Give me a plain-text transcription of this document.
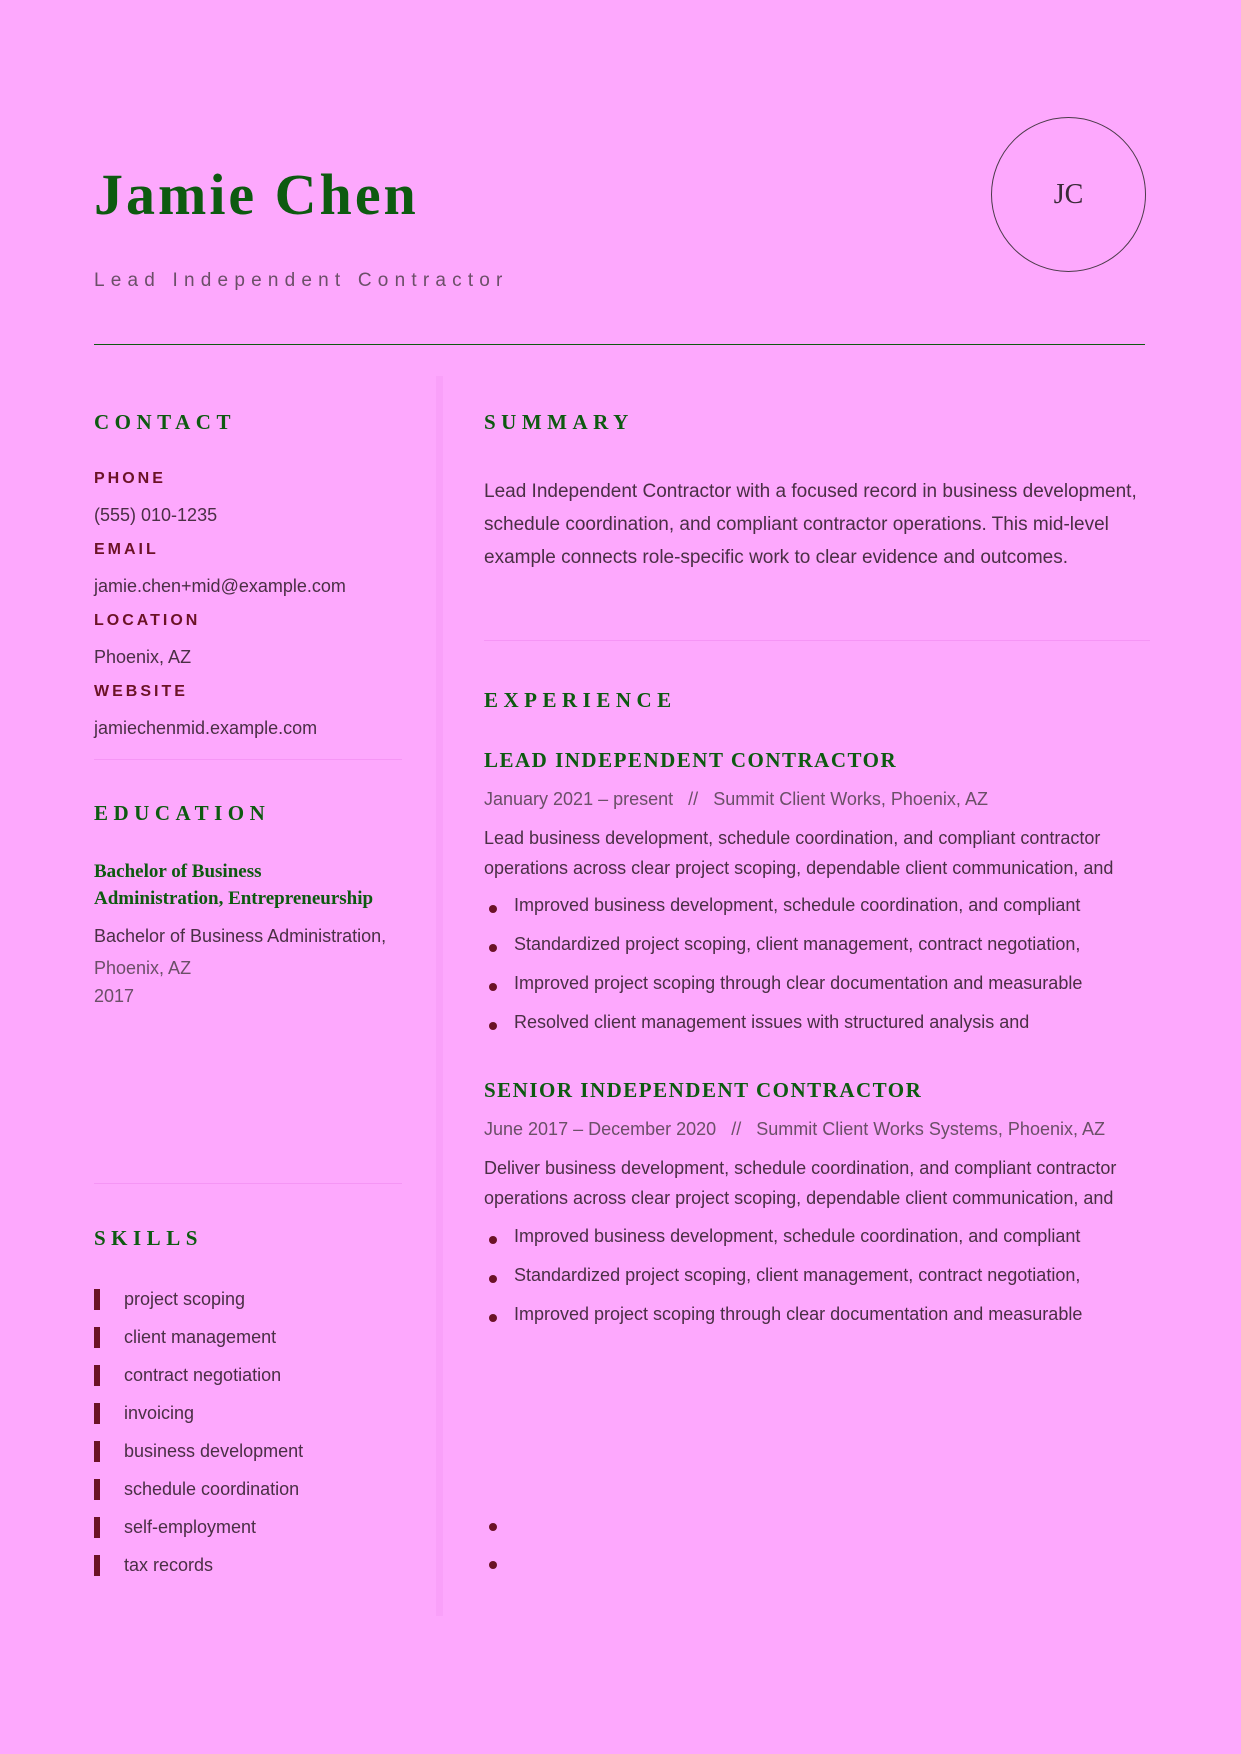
Jamie Chen
Lead Independent Contractor
JC
CONTACT
PHONE
(555) 010-1235
EMAIL
jamie.chen+mid@example.com
LOCATION
Phoenix, AZ
WEBSITE
jamiechenmid.example.com
EDUCATION
Bachelor of Business Administration, Entrepreneurship
Bachelor of Business Administration,
Phoenix, AZ
2017
SKILLS
project scoping
client management
contract negotiation
invoicing
business development
schedule coordination
self-employment
tax records
SUMMARY
Lead Independent Contractor with a focused record in business development, schedule coordination, and compliant contractor operations. This mid-level example connects role-specific work to clear evidence and outcomes.
EXPERIENCE
LEAD INDEPENDENT CONTRACTOR
January 2021 – present // Summit Client Works, Phoenix, AZ
Lead business development, schedule coordination, and compliant contractor operations across clear project scoping, dependable client communication, and
Improved business development, schedule coordination, and compliant
Standardized project scoping, client management, contract negotiation,
Improved project scoping through clear documentation and measurable
Resolved client management issues with structured analysis and
SENIOR INDEPENDENT CONTRACTOR
June 2017 – December 2020 // Summit Client Works Systems, Phoenix, AZ
Deliver business development, schedule coordination, and compliant contractor operations across clear project scoping, dependable client communication, and
Improved business development, schedule coordination, and compliant
Standardized project scoping, client management, contract negotiation,
Improved project scoping through clear documentation and measurable
